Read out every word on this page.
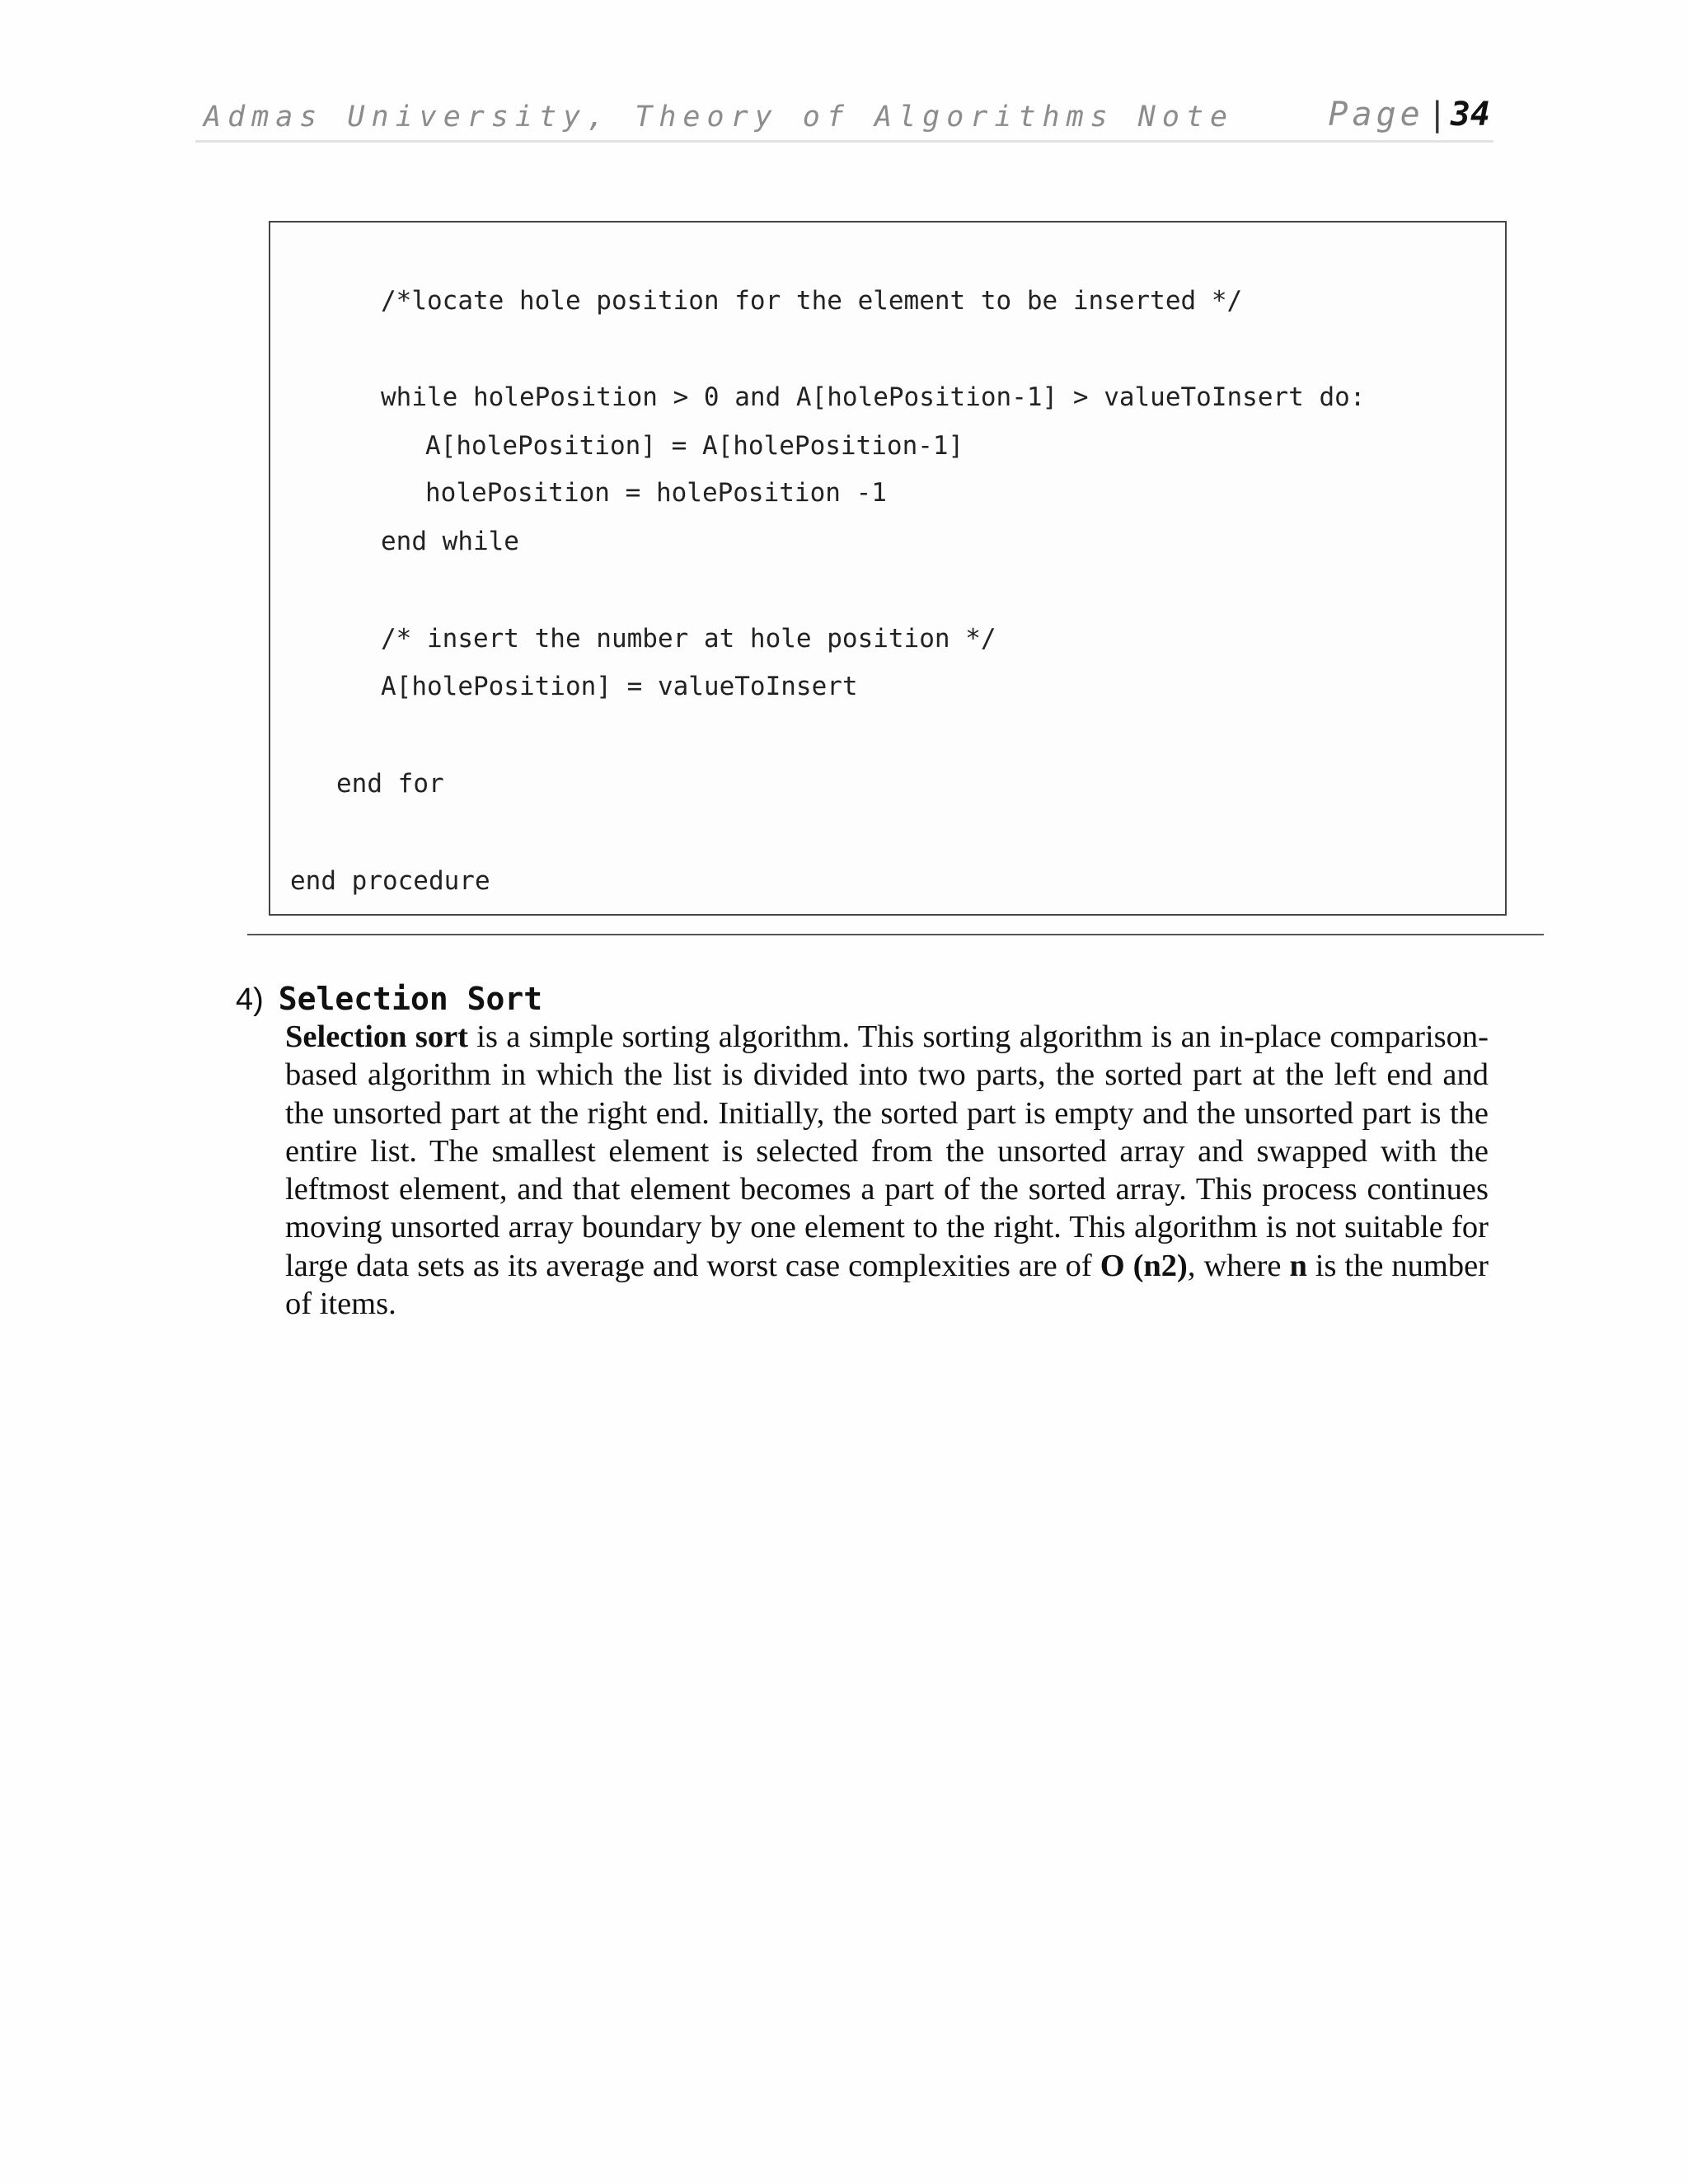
Admas University, Theory of Algorithms Note	Page | 34
/*locate hole position for the element to be inserted */
while holePosition > 0 and A[holePosition-1] > valueToInsert do:
A[holePosition] = A[holePosition-1]
holePosition = holePosition -1
end while
/* insert the number at hole position */
A[holePosition] = valueToInsert
end for
end procedure
4) Selection Sort
Selection sort is a simple sorting algorithm. This sorting algorithm is an in-place comparison-based algorithm in which the list is divided into two parts, the sorted part at the left end and the unsorted part at the right end. Initially, the sorted part is empty and the unsorted part is the entire list. The smallest element is selected from the unsorted array and swapped with the leftmost element, and that element becomes a part of the sorted array. This process continues moving unsorted array boundary by one element to the right. This algorithm is not suitable for large data sets as its average and worst case complexities are of O (n2), where n is the number of items.
